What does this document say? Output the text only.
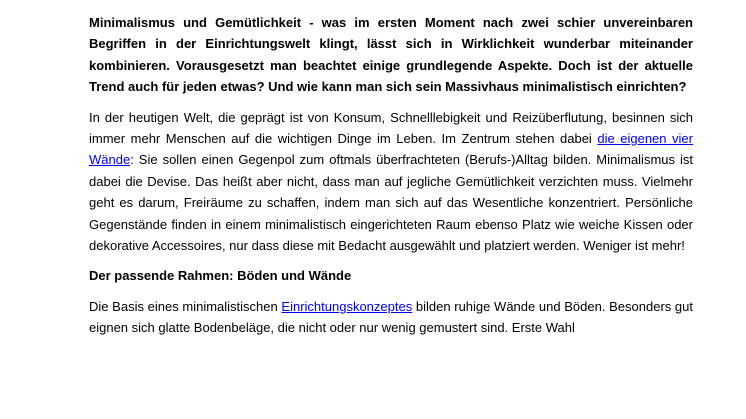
Minimalismus und Gemütlichkeit - was im ersten Moment nach zwei schier unvereinbaren Begriffen in der Einrichtungswelt klingt, lässt sich in Wirklichkeit wunderbar miteinander kombinieren. Vorausgesetzt man beachtet einige grundlegende Aspekte. Doch ist der aktuelle Trend auch für jeden etwas? Und wie kann man sich sein Massivhaus minimalistisch einrichten?

In der heutigen Welt, die geprägt ist von Konsum, Schnelllebigkeit und Reizüberflutung, besinnen sich immer mehr Menschen auf die wichtigen Dinge im Leben. Im Zentrum stehen dabei die eigenen vier Wände: Sie sollen einen Gegenpol zum oftmals überfrachteten (Berufs-)Alltag bilden. Minimalismus ist dabei die Devise. Das heißt aber nicht, dass man auf jegliche Gemütlichkeit verzichten muss. Vielmehr geht es darum, Freiräume zu schaffen, indem man sich auf das Wesentliche konzentriert. Persönliche Gegenstände finden in einem minimalistisch eingerichteten Raum ebenso Platz wie weiche Kissen oder dekorative Accessoires, nur dass diese mit Bedacht ausgewählt und platziert werden. Weniger ist mehr!

Der passende Rahmen: Böden und Wände

Die Basis eines minimalistischen Einrichtungskonzeptes bilden ruhige Wände und Böden. Besonders gut eignen sich glatte Bodenbeläge, die nicht oder nur wenig gemustert sind. Erste Wahl
